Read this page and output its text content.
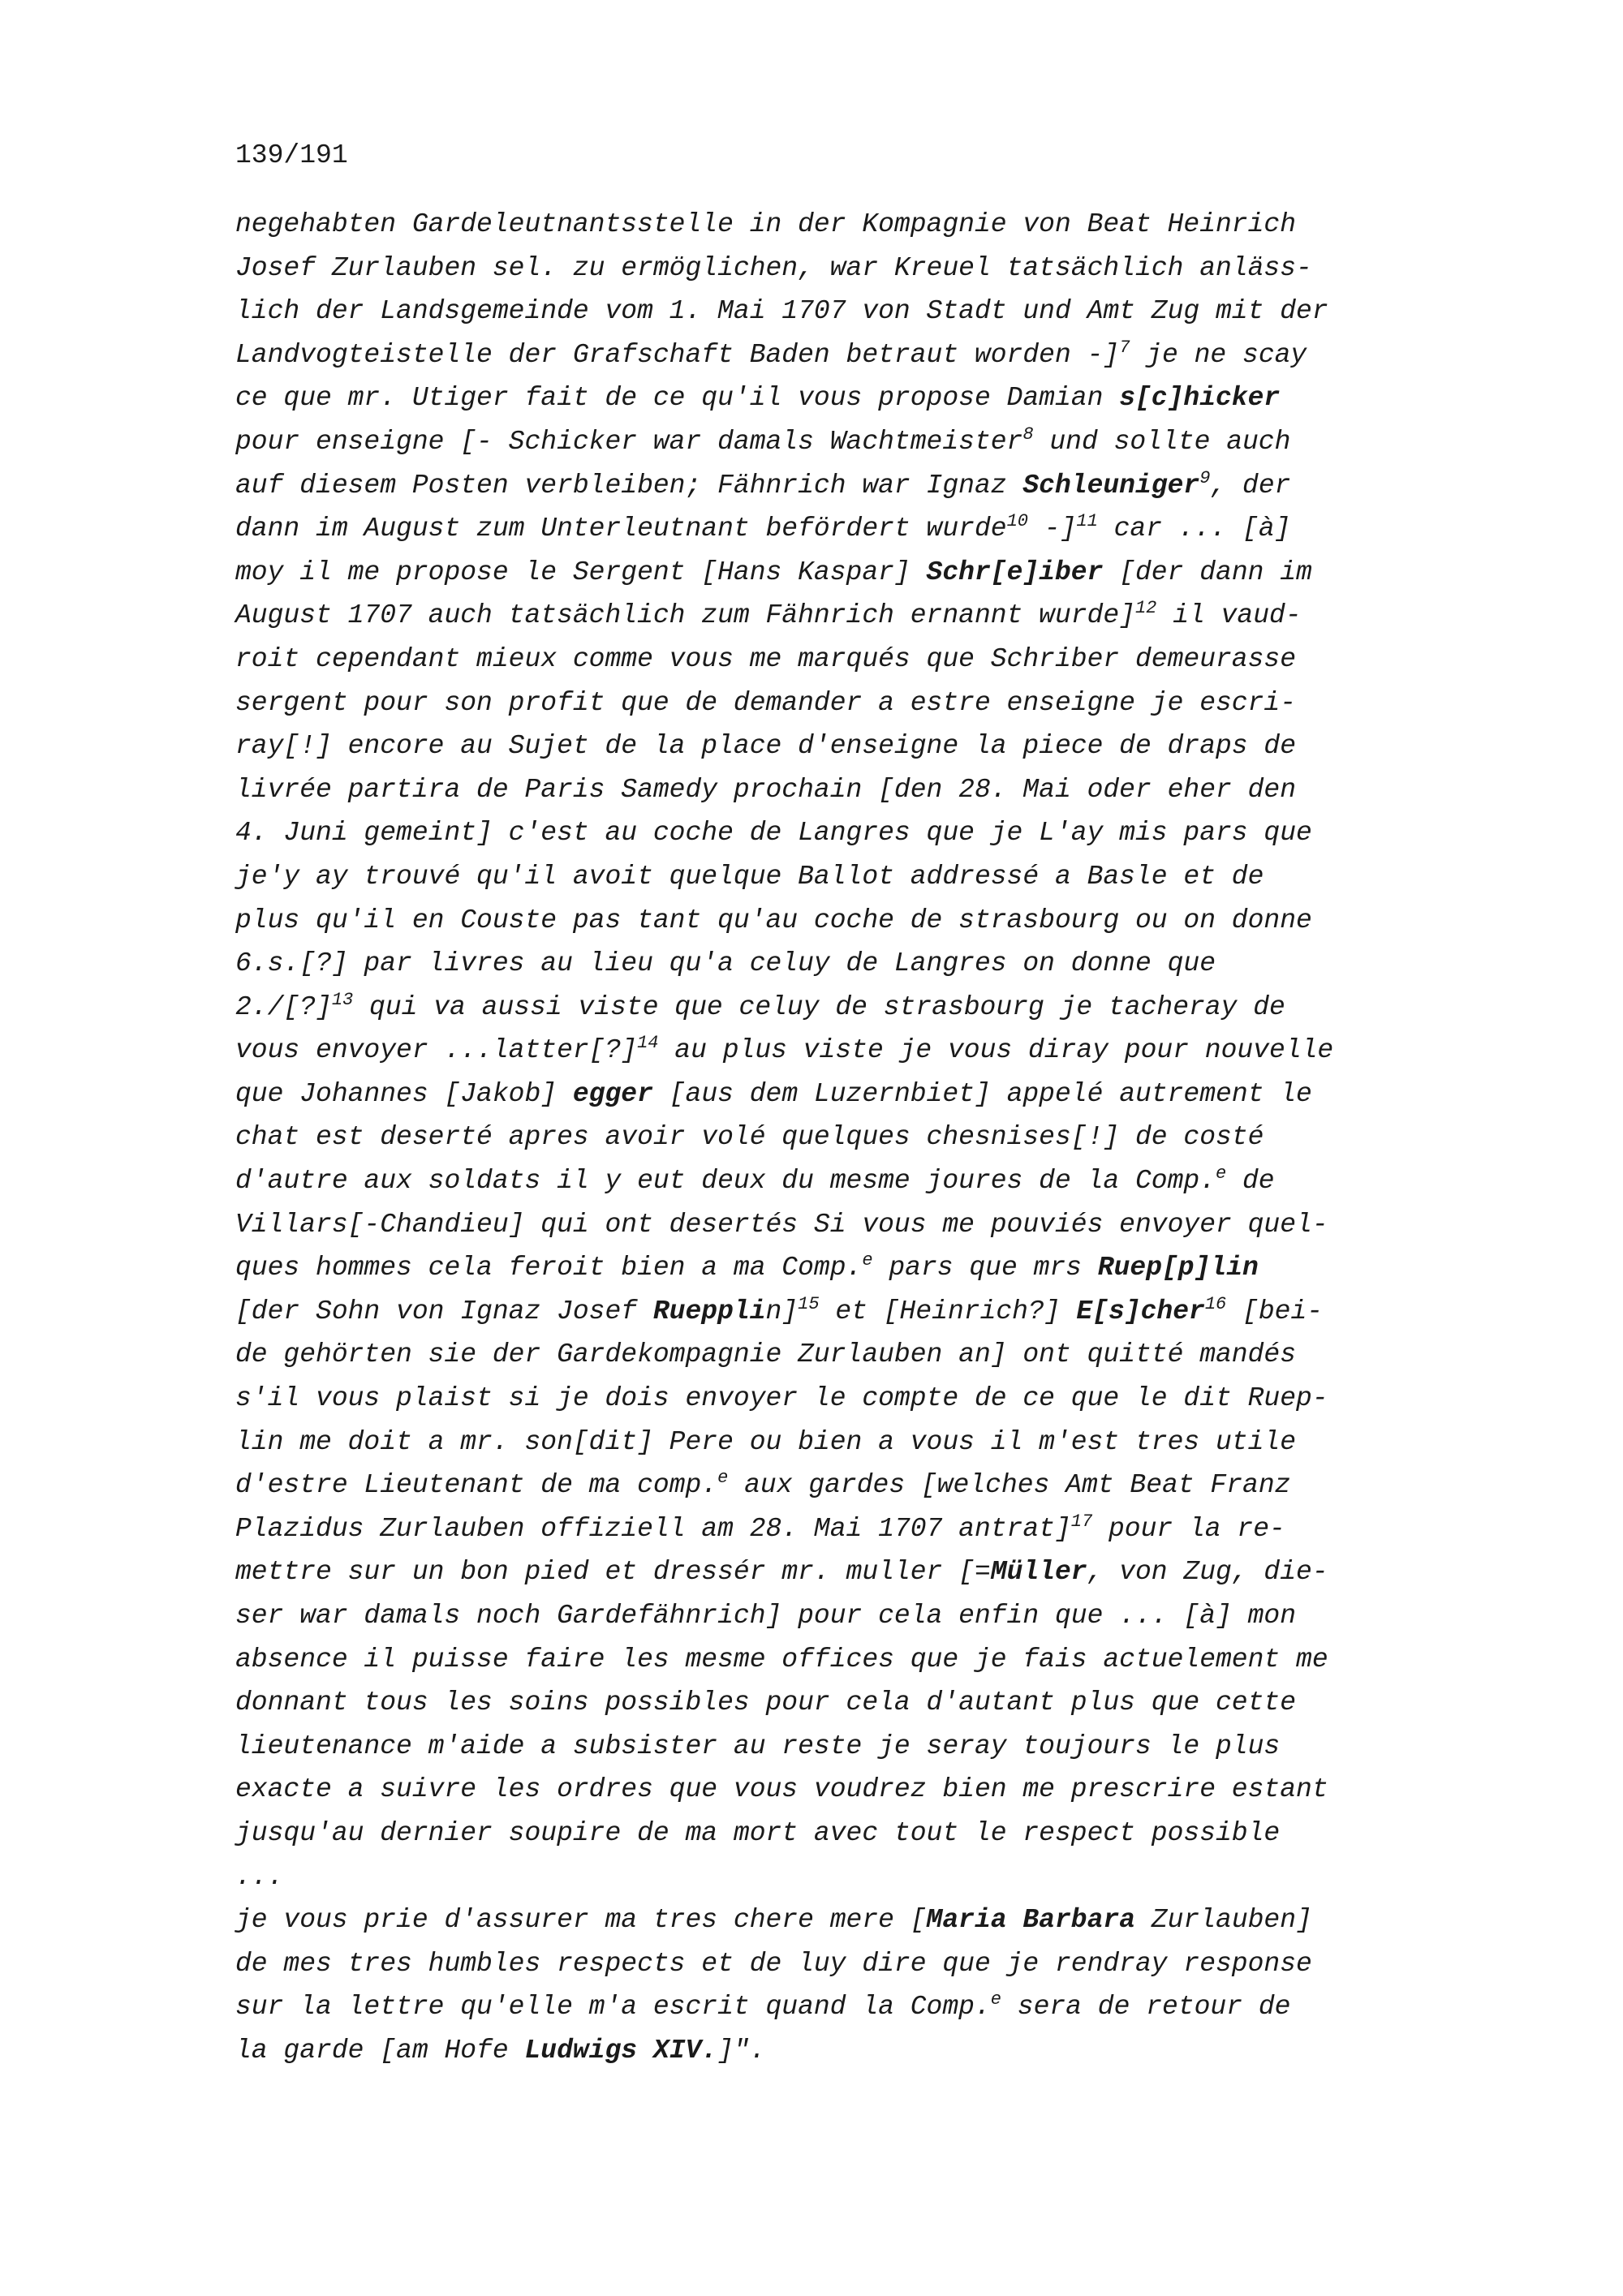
139/191
negehabten Gardeleutnantsstelle in der Kompagnie von Beat Heinrich
Josef Zurlauben sel. zu ermöglichen, war Kreuel tatsächlich anläss-
lich der Landsgemeinde vom 1. Mai 1707 von Stadt und Amt Zug mit der
Landvogteistelle der Grafschaft Baden betraut worden -]$^7$ je ne scay
ce que mr. Utiger fait de ce qu'il vous propose Damian s[c]hicker
pour enseigne [- Schicker war damals Wachtmeister$^8$ und sollte auch
auf diesem Posten verbleiben; Fähnrich war Ignaz Schleuniger$^9$, der
dann im August zum Unterleutnant befördert wurde$^{10}$ -]$^{11}$ car ... [à]
moy il me propose le Sergent [Hans Kaspar] Schr[e]iber [der dann im
August 1707 auch tatsächlich zum Fähnrich ernannt wurde]$^{12}$ il vaud-
roit cependant mieux comme vous me marqués que Schriber demeurasse
sergent pour son profit que de demander a estre enseigne je escri-
ray[!] encore au Sujet de la place d'enseigne la piece de draps de
livrée partira de Paris Samedy prochain [den 28. Mai oder eher den
4. Juni gemeint] c'est au coche de Langres que je L'ay mis pars que
je'y ay trouvé qu'il avoit quelque Ballot addressé a Basle et de
plus qu'il en Couste pas tant qu'au coche de strasbourg ou on donne
6.s.[?] par livres au lieu qu'a celuy de Langres on donne que
2./[?]$^{13}$ qui va aussi viste que celuy de strasbourg je tacheray de
vous envoyer ...latter[?]$^{14}$ au plus viste je vous diray pour nouvelle
que Johannes [Jakob] egger [aus dem Luzernbiet] appelé autrement le
chat est deserté apres avoir volé quelques chesnises[!] de costé
d'autre aux soldats il y eut deux du mesme joures de la Comp.$^e$ de
Villars[-Chandieu] qui ont desertés Si vous me pouviés envoyer quel-
ques hommes cela feroit bien a ma Comp.$^e$ pars que mrs Ruep[p]lin
[der Sohn von Ignaz Josef Ruepplin]$^{15}$ et [Heinrich?] E[s]cher$^{16}$ [bei-
de gehörten sie der Gardekompagnie Zurlauben an] ont quitté mandés
s'il vous plaist si je dois envoyer le compte de ce que le dit Ruep-
lin me doit a mr. son[dit] Pere ou bien a vous il m'est tres utile
d'estre Lieutenant de ma comp.$^e$ aux gardes [welches Amt Beat Franz
Plazidus Zurlauben offiziell am 28. Mai 1707 antrat]$^{17}$ pour la re-
mettre sur un bon pied et dressér mr. muller [=Müller, von Zug, die-
ser war damals noch Gardefähnrich] pour cela enfin que ... [à] mon
absence il puisse faire les mesme offices que je fais actuelement me
donnant tous les soins possibles pour cela d'autant plus que cette
lieutenance m'aide a subsister au reste je seray toujours le plus
exacte a suivre les ordres que vous voudrez bien me prescrire estant
jusqu'au dernier soupire de ma mort avec tout le respect possible
...
je vous prie d'assurer ma tres chere mere [Maria Barbara Zurlauben]
de mes tres humbles respects et de luy dire que je rendray response
sur la lettre qu'elle m'a escrit quand la Comp.$^e$ sera de retour de
la garde [am Hofe Ludwigs XIV.]".
